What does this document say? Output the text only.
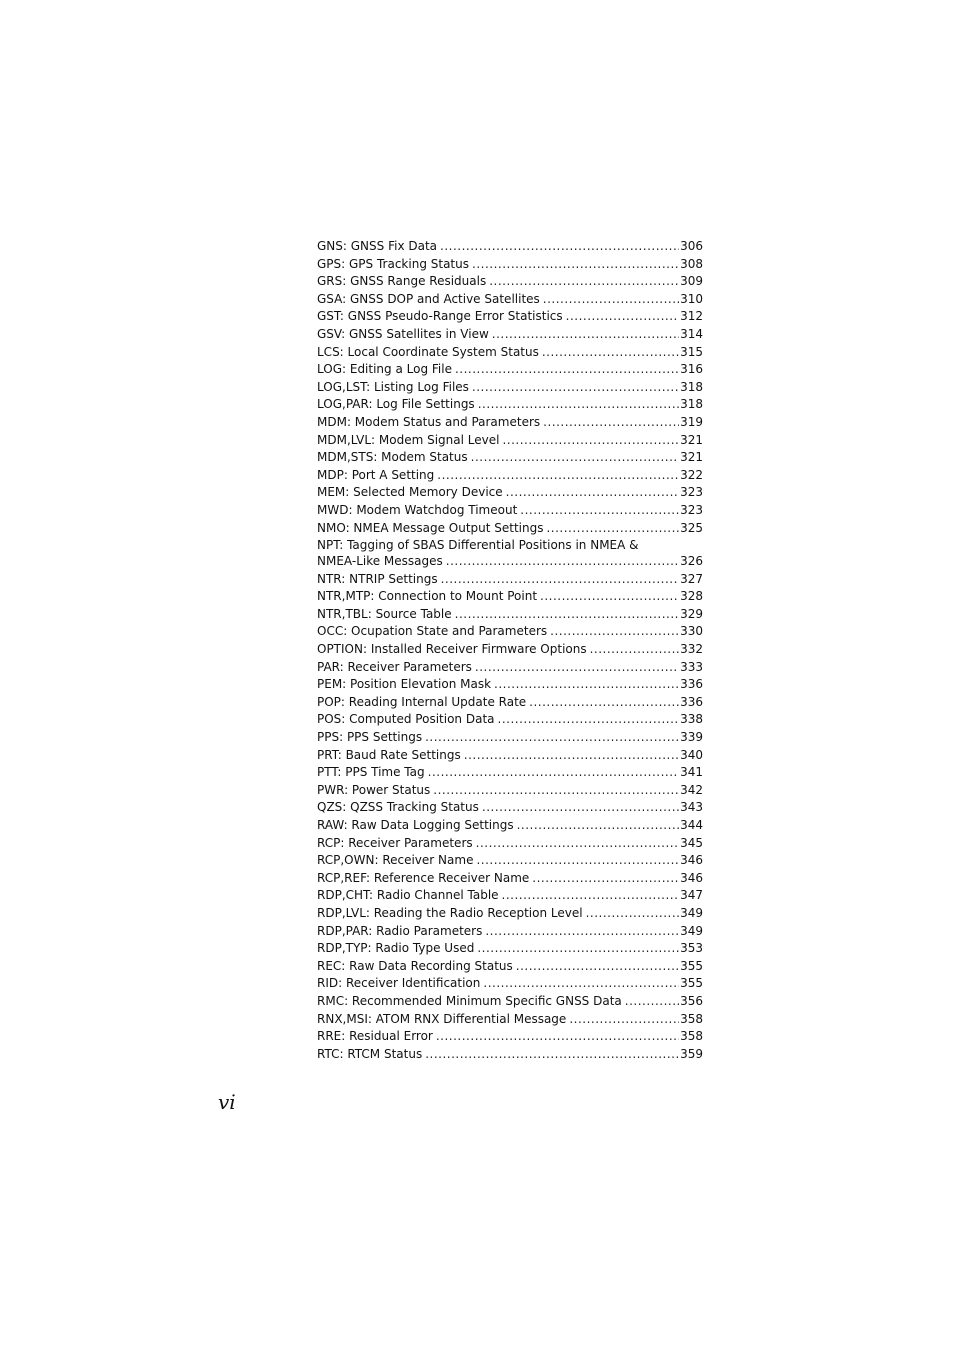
GNS: GNSS Fix Data .....	306
GPS: GPS Tracking Status .....	308
GRS: GNSS Range Residuals .....	309
GSA: GNSS DOP and Active Satellites .....	310
GST: GNSS Pseudo-Range Error Statistics .....	312
GSV: GNSS Satellites in View .....	314
LCS: Local Coordinate System Status .....	315
LOG: Editing a Log File .....	316
LOG,LST: Listing Log Files .....	318
LOG,PAR: Log File Settings .....	318
MDM: Modem Status and Parameters .....	319
MDM,LVL: Modem Signal Level .....	321
MDM,STS: Modem Status .....	321
MDP: Port A Setting .....	322
MEM: Selected Memory Device .....	323
MWD: Modem Watchdog Timeout .....	323
NMO: NMEA Message Output Settings .....	325
NPT: Tagging of SBAS Differential Positions in NMEA &
NMEA-Like Messages .....	326
NTR: NTRIP Settings .....	327
NTR,MTP: Connection to Mount Point .....	328
NTR,TBL: Source Table .....	329
OCC: Ocupation State and Parameters .....	330
OPTION: Installed Receiver Firmware Options .....	332
PAR: Receiver Parameters .....	333
PEM: Position Elevation Mask .....	336
POP: Reading Internal Update Rate .....	336
POS: Computed Position Data .....	338
PPS: PPS Settings .....	339
PRT: Baud Rate Settings .....	340
PTT: PPS Time Tag .....	341
PWR: Power Status .....	342
QZS: QZSS Tracking Status .....	343
RAW: Raw Data Logging Settings .....	344
RCP: Receiver Parameters .....	345
RCP,OWN: Receiver Name .....	346
RCP,REF: Reference Receiver Name .....	346
RDP,CHT: Radio Channel Table .....	347
RDP,LVL: Reading the Radio Reception Level .....	349
RDP,PAR: Radio Parameters .....	349
RDP,TYP: Radio Type Used .....	353
REC: Raw Data Recording Status .....	355
RID: Receiver Identification .....	355
RMC: Recommended Minimum Specific GNSS Data .....	356
RNX,MSI: ATOM RNX Differential Message .....	358
RRE: Residual Error .....	358
RTC: RTCM Status .....	359
vi
